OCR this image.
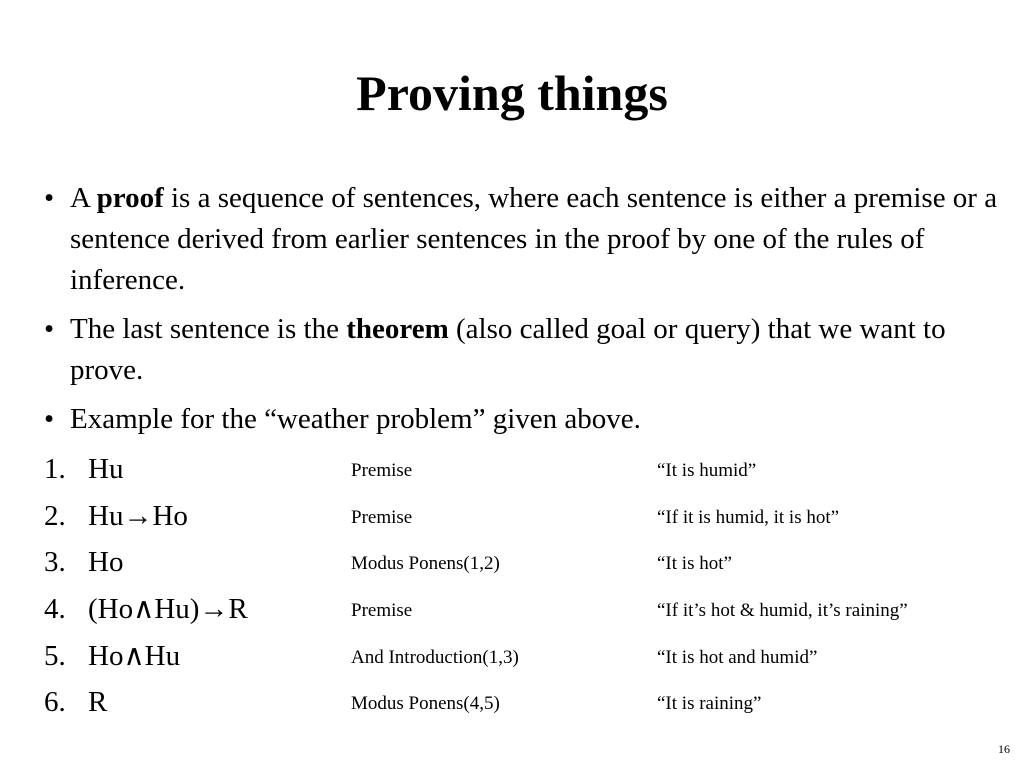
Proving things
• A proof is a sequence of sentences, where each sentence is either a premise or a sentence derived from earlier sentences in the proof by one of the rules of inference.
• The last sentence is the theorem (also called goal or query) that we want to prove.
• Example for the “weather problem” given above.
1. Hu	Premise	“It is humid”
2. Hu→Ho	Premise	“If it is humid, it is hot”
3. Ho	Modus Ponens(1,2)	“It is hot”
4. (Ho∧Hu)→R	Premise	“If it’s hot & humid, it’s raining”
5. Ho∧Hu	And Introduction(1,3)	“It is hot and humid”
6. R	Modus Ponens(4,5)	“It is raining”
16
